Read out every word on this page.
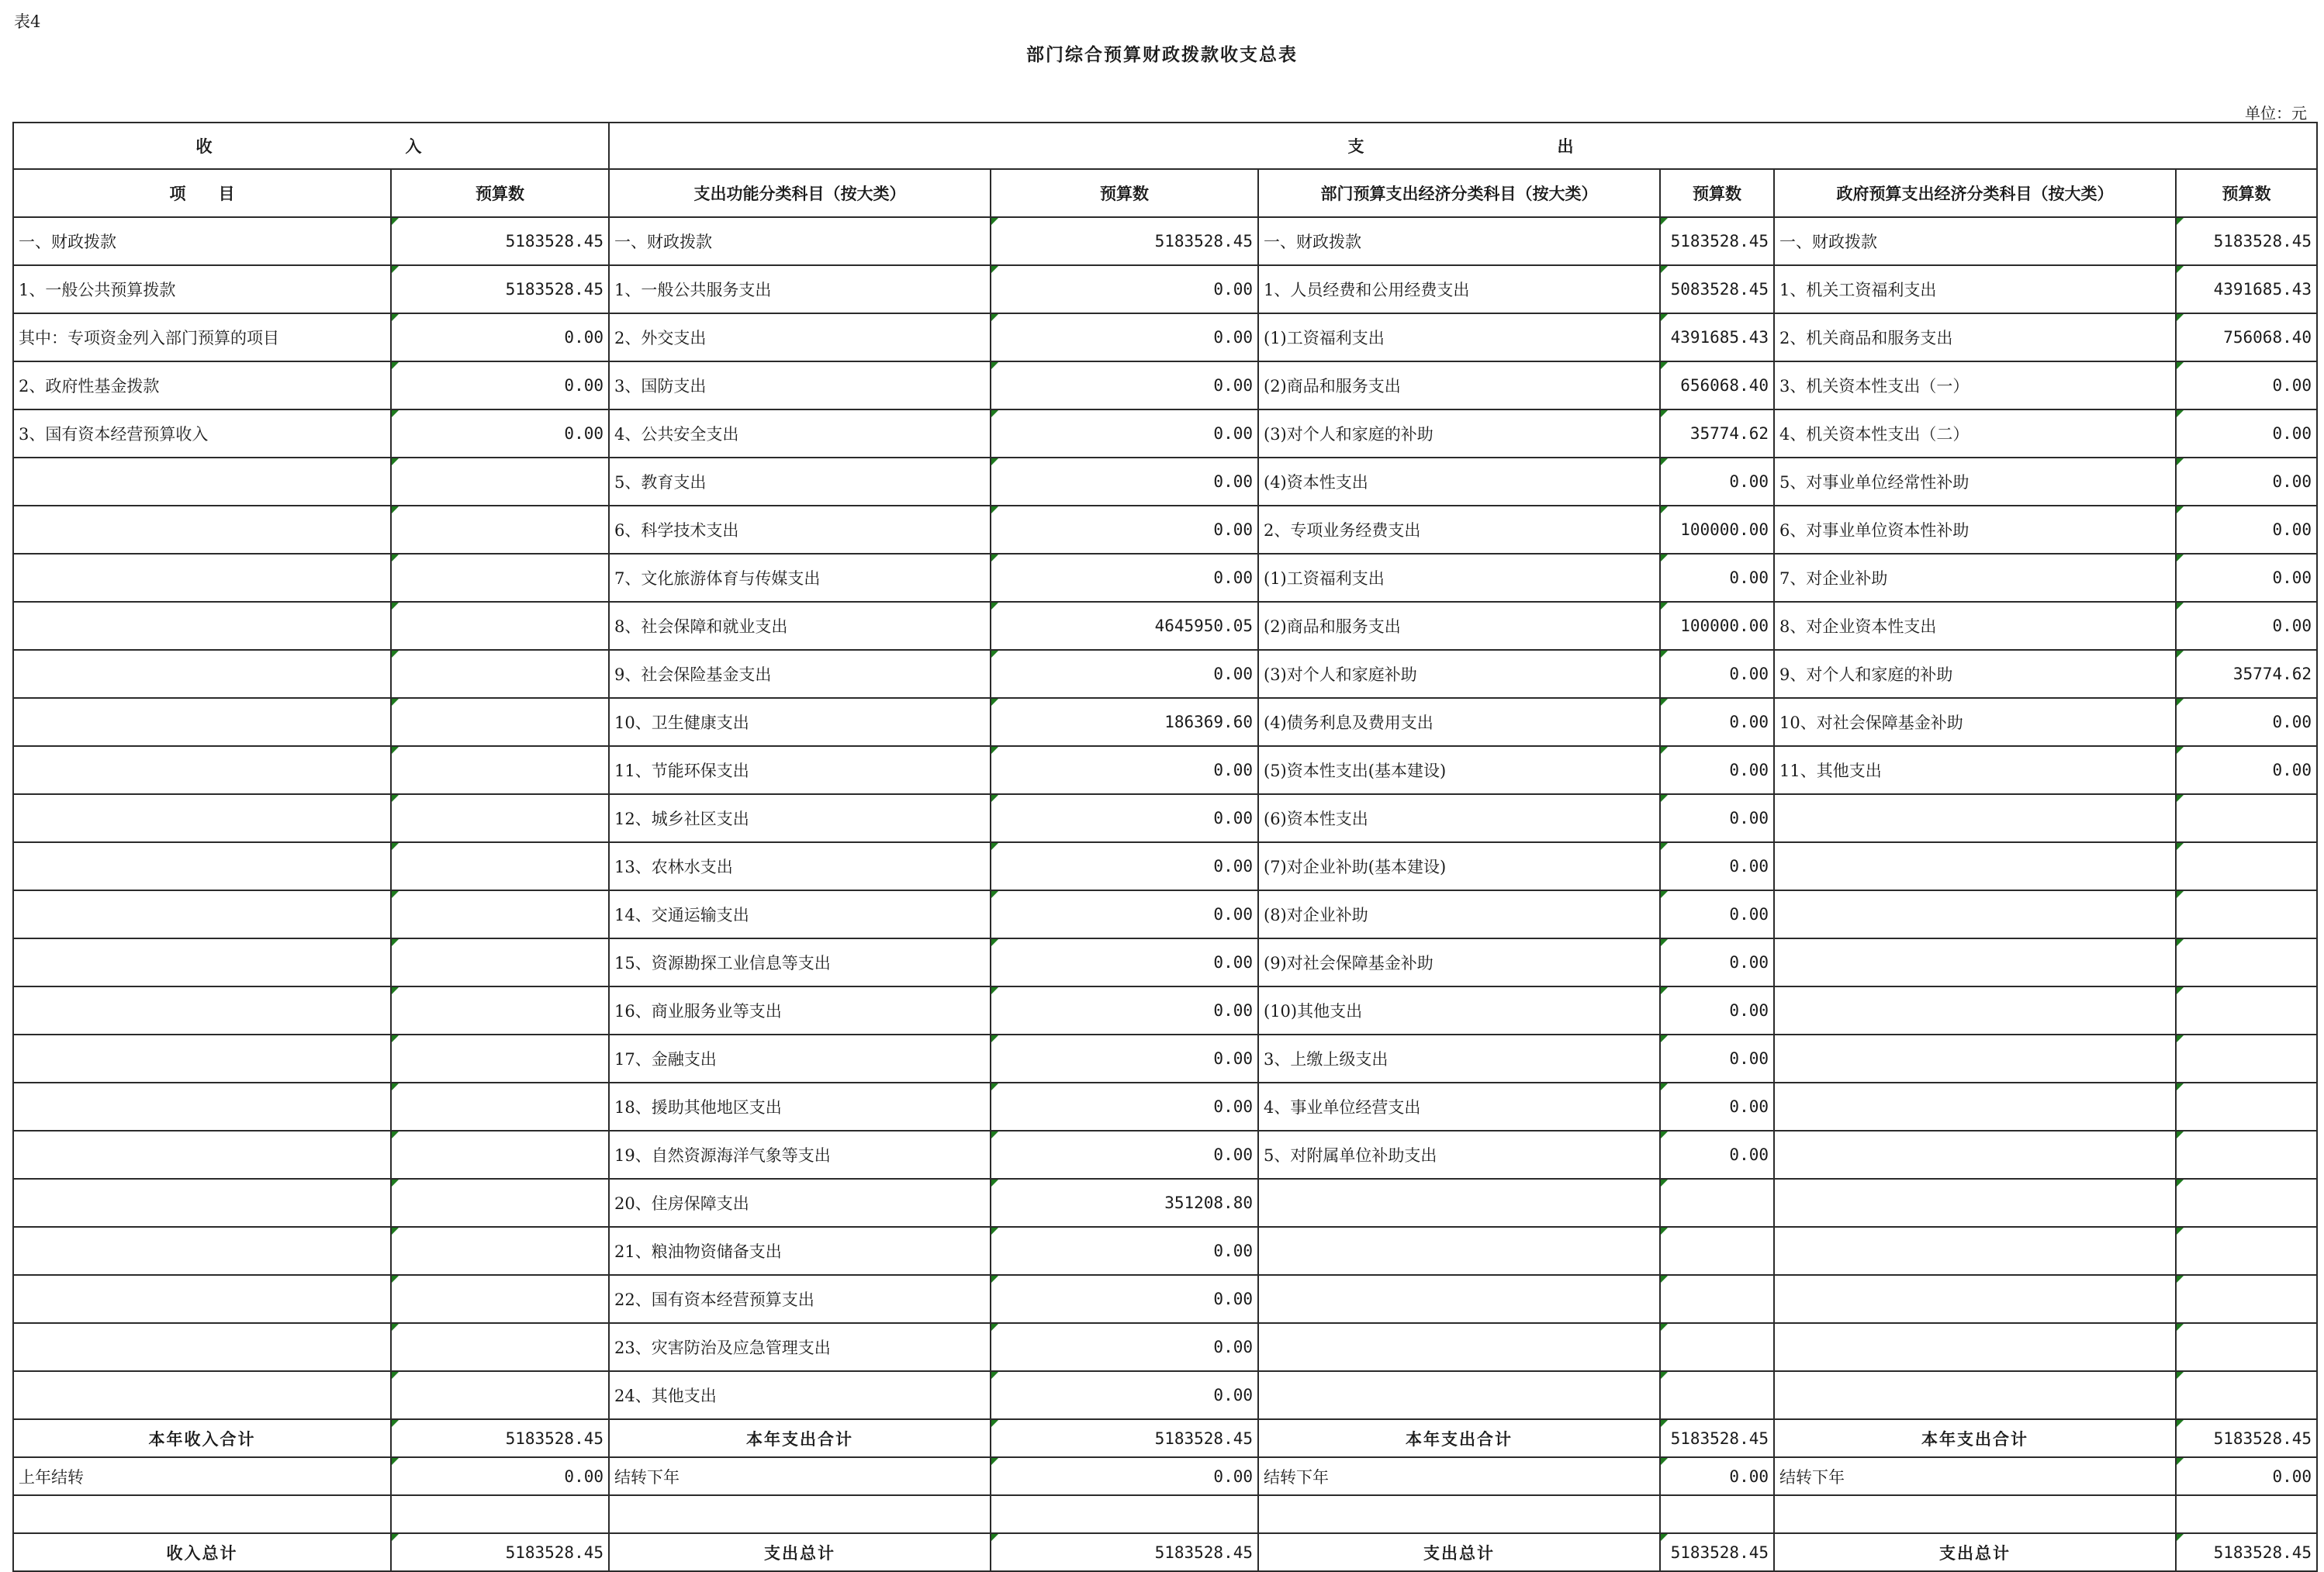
表4
部门综合预算财政拨款收支总表
单位：元
收　　　　　　　　　入		支　　　　　　　　　出					
项　　目	预算数	支出功能分类科目（按大类）	预算数	部门预算支出经济分类科目（按大类）	预算数	政府预算支出经济分类科目（按大类）	预算数
一、财政拨款	5183528.45	一、财政拨款	5183528.45	一、财政拨款	5183528.45	一、财政拨款	5183528.45
1、一般公共预算拨款	5183528.45	1、一般公共服务支出	0.00	1、人员经费和公用经费支出	5083528.45	1、机关工资福利支出	4391685.43
其中：专项资金列入部门预算的项目	0.00	2、外交支出	0.00	(1)工资福利支出	4391685.43	2、机关商品和服务支出	756068.40
2、政府性基金拨款	0.00	3、国防支出	0.00	(2)商品和服务支出	656068.40	3、机关资本性支出（一）	0.00
3、国有资本经营预算收入	0.00	4、公共安全支出	0.00	(3)对个人和家庭的补助	35774.62	4、机关资本性支出（二）	0.00
		5、教育支出	0.00	(4)资本性支出	0.00	5、对事业单位经常性补助	0.00
		6、科学技术支出	0.00	2、专项业务经费支出	100000.00	6、对事业单位资本性补助	0.00
		7、文化旅游体育与传媒支出	0.00	(1)工资福利支出	0.00	7、对企业补助	0.00
		8、社会保障和就业支出	4645950.05	(2)商品和服务支出	100000.00	8、对企业资本性支出	0.00
		9、社会保险基金支出	0.00	(3)对个人和家庭补助	0.00	9、对个人和家庭的补助	35774.62
		10、卫生健康支出	186369.60	(4)债务利息及费用支出	0.00	10、对社会保障基金补助	0.00
		11、节能环保支出	0.00	(5)资本性支出(基本建设)	0.00	11、其他支出	0.00
		12、城乡社区支出	0.00	(6)资本性支出	0.00		
		13、农林水支出	0.00	(7)对企业补助(基本建设)	0.00		
		14、交通运输支出	0.00	(8)对企业补助	0.00		
		15、资源勘探工业信息等支出	0.00	(9)对社会保障基金补助	0.00		
		16、商业服务业等支出	0.00	(10)其他支出	0.00		
		17、金融支出	0.00	3、上缴上级支出	0.00		
		18、援助其他地区支出	0.00	4、事业单位经营支出	0.00		
		19、自然资源海洋气象等支出	0.00	5、对附属单位补助支出	0.00		
		20、住房保障支出	351208.80				
		21、粮油物资储备支出	0.00				
		22、国有资本经营预算支出	0.00				
		23、灾害防治及应急管理支出	0.00				
		24、其他支出	0.00				
本年收入合计	5183528.45	本年支出合计	5183528.45	本年支出合计	5183528.45	本年支出合计	5183528.45
上年结转	0.00	结转下年	0.00	结转下年	0.00	结转下年	0.00

收入总计	5183528.45	支出总计	5183528.45	支出总计	5183528.45	支出总计	5183528.45
